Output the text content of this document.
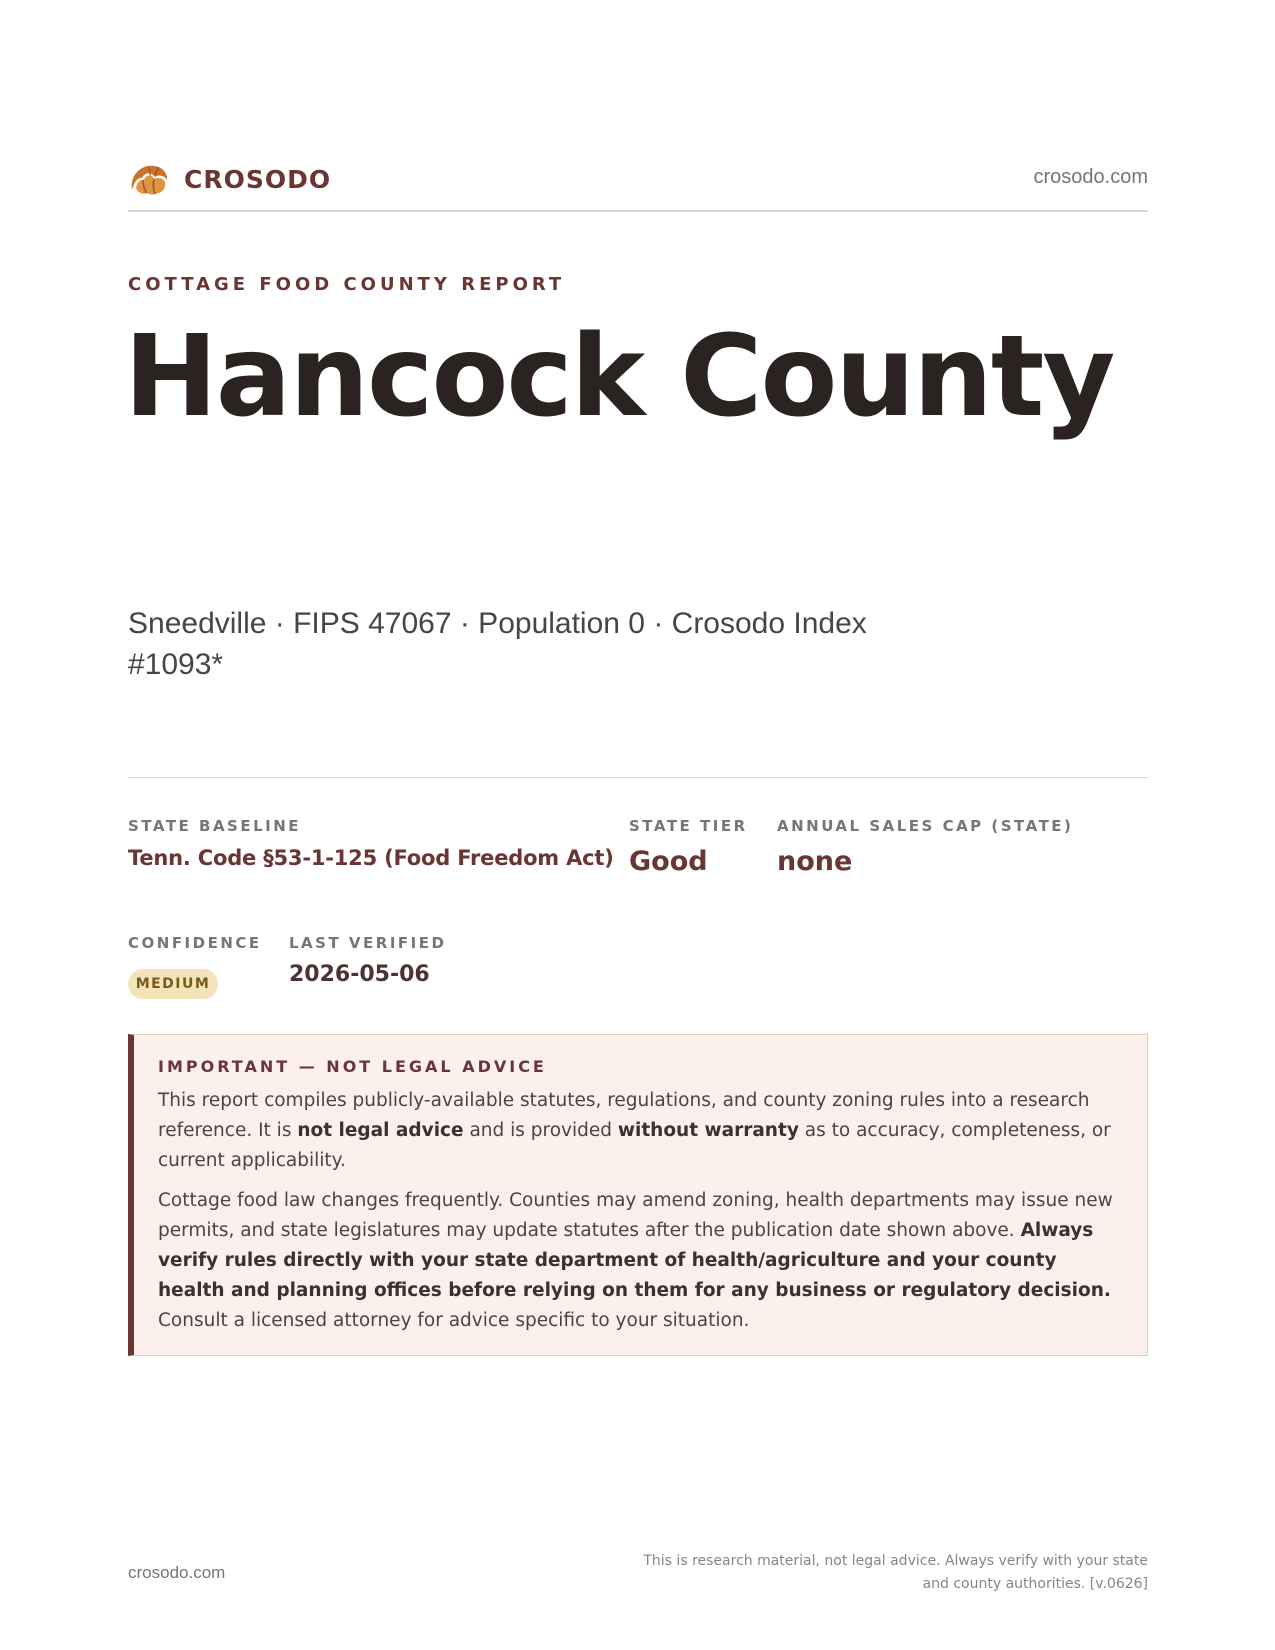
CROSODO	crosodo.com
COTTAGE FOOD COUNTY REPORT
Hancock County
Sneedville · FIPS 47067 · Population 0 · Crosodo Index #1093*
STATE BASELINE
Tenn. Code §53-1-125 (Food Freedom Act)
STATE TIER
Good
ANNUAL SALES CAP (STATE)
none
CONFIDENCE
MEDIUM
LAST VERIFIED
2026-05-06
IMPORTANT — NOT LEGAL ADVICE

This report compiles publicly-available statutes, regulations, and county zoning rules into a research reference. It is not legal advice and is provided without warranty as to accuracy, completeness, or current applicability.

Cottage food law changes frequently. Counties may amend zoning, health departments may issue new permits, and state legislatures may update statutes after the publication date shown above. Always verify rules directly with your state department of health/agriculture and your county health and planning offices before relying on them for any business or regulatory decision. Consult a licensed attorney for advice specific to your situation.

crosodo.com
This is research material, not legal advice. Always verify with your state
and county authorities. [v.0626]
